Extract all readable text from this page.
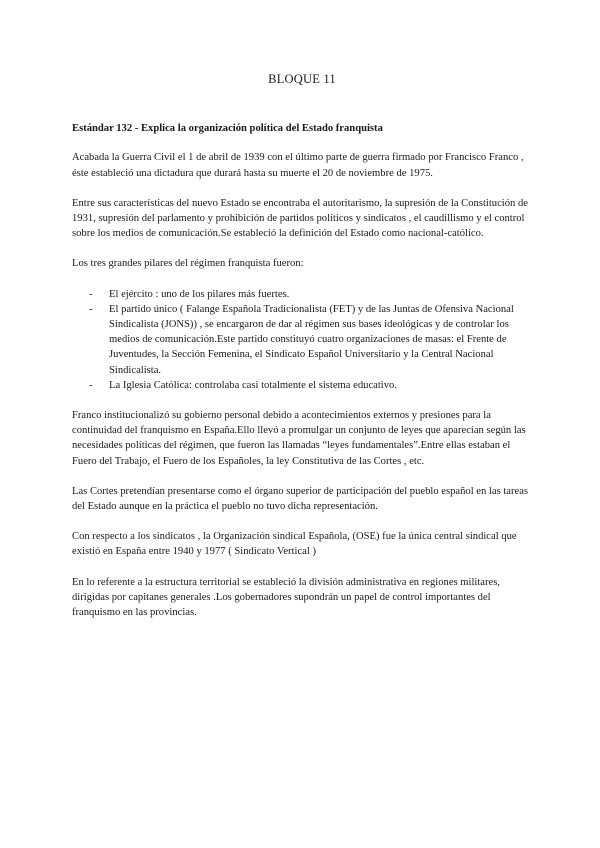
BLOQUE 11
Estándar 132 - Explica la organización política del Estado franquista

Acabada la Guerra Civil el 1 de abril de 1939 con el último parte de guerra firmado por Francisco Franco , éste estableció una dictadura que durará hasta su muerte el 20 de noviembre de 1975.

Entre sus características del nuevo Estado se encontraba el autoritarismo, la supresión de la Constitución de 1931, supresión del parlamento y prohibición de partidos políticos y sindicatos , el caudillismo y el control sobre los medios de comunicación.Se estableció la definición del Estado como nacional-católico.

Los tres grandes pilares del régimen franquista fueron:

- El ejército : uno de los pilares más fuertes.
- El partido único ( Falange Española Tradicionalista (FET) y de las Juntas de Ofensiva Nacional Sindicalista (JONS)) , se encargaron de dar al régimen sus bases ideológicas y de controlar los medios de comunicación.Este partido constituyó cuatro organizaciones de masas: el Frente de Juventudes, la Sección Femenina, el Sindicato Español Universitario y la Central Nacional Sindicalista.
- La Iglesia Católica: controlaba casi totalmente el sistema educativo.

Franco institucionalizó su gobierno personal debido a acontecimientos externos y presiones para la continuidad del franquismo en España.Ello llevó a promulgar un conjunto de leyes que aparecían según las necesidades políticas del régimen, que fueron las llamadas “leyes fundamentales”.Entre ellas estaban el Fuero del Trabajo, el Fuero de los Españoles, la ley Constitutiva de las Cortes , etc.

Las Cortes pretendían presentarse como el órgano superior de participación del pueblo español en las tareas del Estado aunque en la práctica el pueblo no tuvo dicha representación.

Con respecto a los sindicatos , la Organización sindical Española, (OSE) fue la única central sindical que existió en España entre 1940 y 1977 ( Sindicato Vertical )

En lo referente a la estructura territorial se estableció la división administrativa en regiones militares, dirigidas por capitanes generales .Los gobernadores supondrán un papel de control importantes del franquismo en las provincias.
